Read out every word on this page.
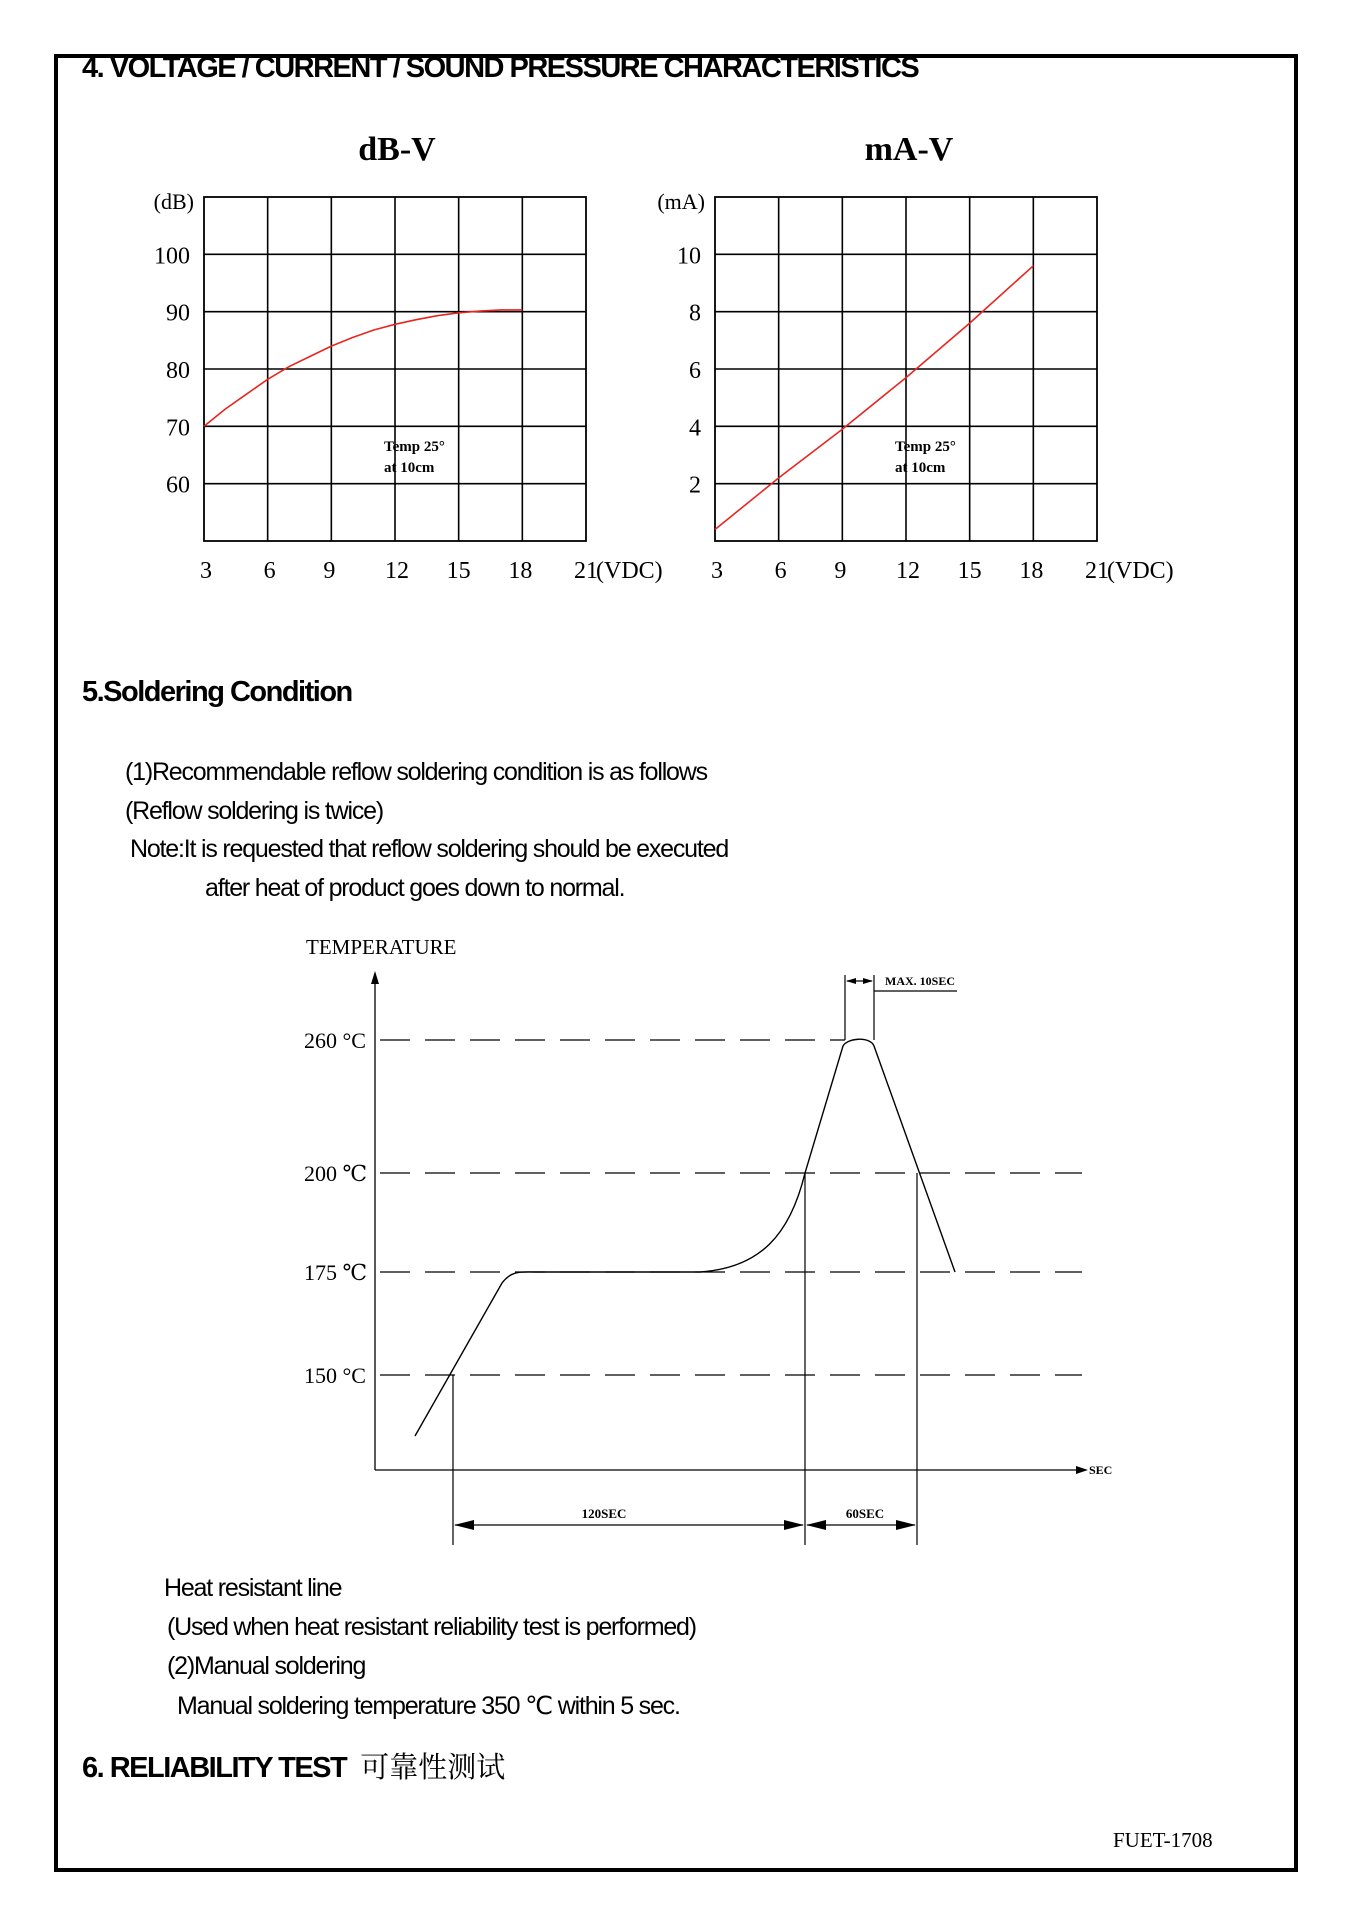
4. VOLTAGE / CURRENT / SOUND PRESSURE CHARACTERISTICS
dB-V
(dB)
100
90
80
70
60
3 6 9 12 15 18 21
(VDC)
Temp 25°
at 10cm
mA-V
(mA)
10
8
6
4
2
3 6 9 12 15 18 21
(VDC)
Temp 25°
at 10cm
5.Soldering Condition
(1)Recommendable reflow soldering condition is as follows
(Reflow soldering is twice)
Note:It is requested that reflow soldering should be executed
after heat of product goes down to normal.
TEMPERATURE
SEC
260 °C
200 ℃
175 ℃
150 °C
120SEC	60SEC
MAX. 10SEC
Heat resistant line
(Used when heat resistant reliability test is performed)
(2)Manual soldering
Manual soldering temperature 350 ℃ within 5 sec.
6. RELIABILITY TEST 可靠性测试
FUET-1708
